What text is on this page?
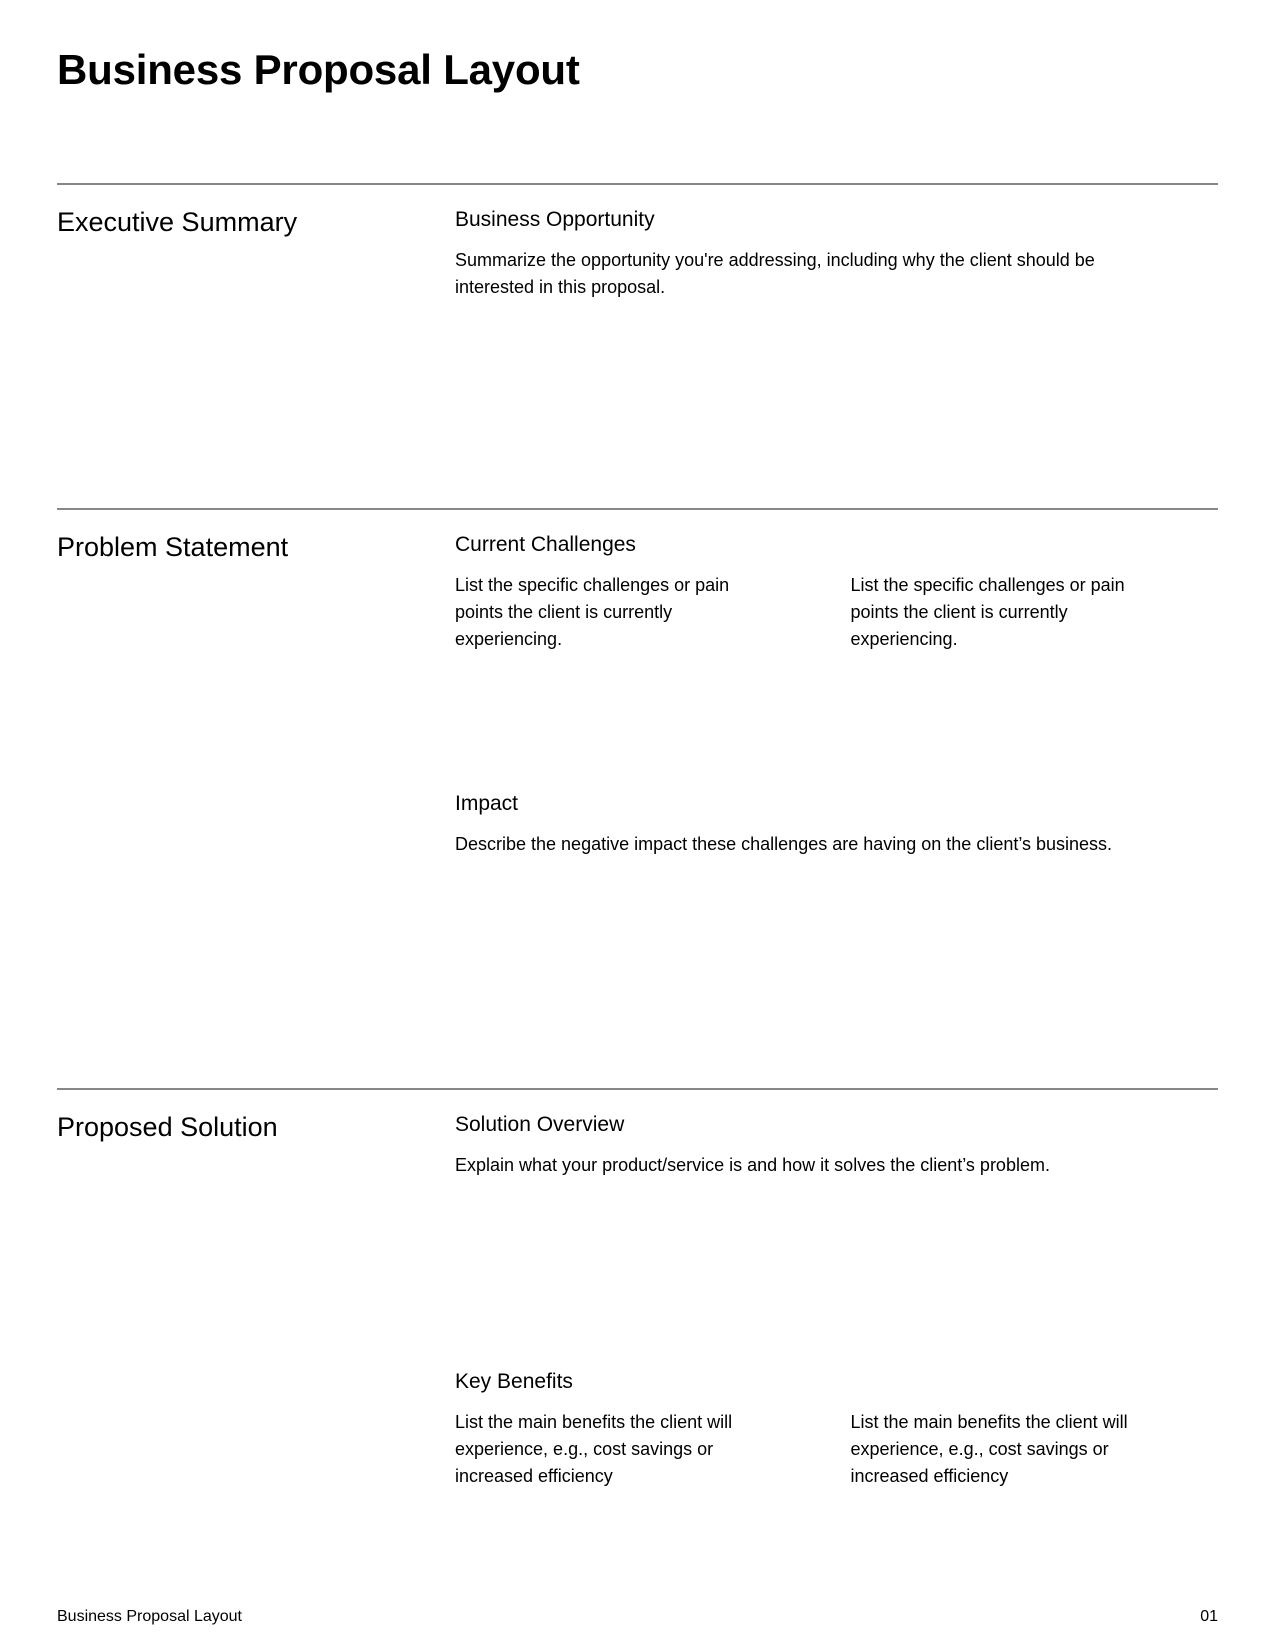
Business Proposal Layout
Executive Summary	Business Opportunity

Summarize the opportunity you're addressing, including why the client should be interested in this proposal.

Problem Statement	Current Challenges

List the specific challenges or pain points the client is currently experiencing.

List the specific challenges or pain points the client is currently experiencing.

Impact

Describe the negative impact these challenges are having on the client’s business.

Proposed Solution	Solution Overview

Explain what your product/service is and how it solves the client’s problem.

Key Benefits

List the main benefits the client will experience, e.g., cost savings or increased efficiency

List the main benefits the client will experience, e.g., cost savings or increased efficiency

Business Proposal Layout	01
